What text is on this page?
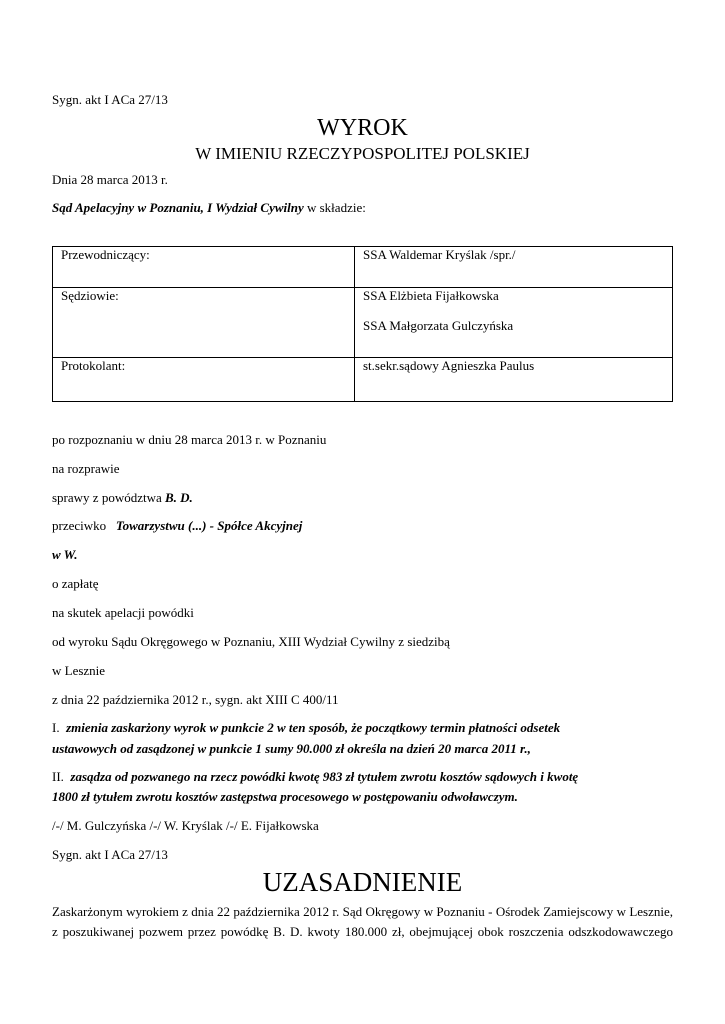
Sygn. akt I ACa 27/13
WYROK
W IMIENIU RZECZYPOSPOLITEJ POLSKIEJ
Dnia 28 marca 2013 r.
Sąd Apelacyjny w Poznaniu, I Wydział Cywilny w składzie:
Przewodniczący:	SSA Waldemar Kryślak /spr./
Sędziowie:	SSA Elżbieta Fijałkowska
SSA Małgorzata Gulczyńska

Protokolant:	st.sekr.sądowy Agnieszka Paulus
po rozpoznaniu w dniu 28 marca 2013 r. w Poznaniu
na rozprawie
sprawy z powództwa B. D.
przeciwko   Towarzystwu (...) - Spółce Akcyjnej
w W.
o zapłatę
na skutek apelacji powódki
od wyroku Sądu Okręgowego w Poznaniu, XIII Wydział Cywilny z siedzibą
w Lesznie
z dnia 22 października 2012 r., sygn. akt XIII C 400/11
I.  zmienia zaskarżony wyrok w punkcie 2 w ten sposób, że początkowy termin płatności odsetek
ustawowych od zasądzonej w punkcie 1 sumy 90.000 zł określa na dzień 20 marca 2011 r.,
II.  zasądza od pozwanego na rzecz powódki kwotę 983 zł tytułem zwrotu kosztów sądowych i kwotę
1800 zł tytułem zwrotu kosztów zastępstwa procesowego w postępowaniu odwoławczym.
/-/ M. Gulczyńska /-/ W. Kryślak /-/ E. Fijałkowska
Sygn. akt I ACa 27/13
UZASADNIENIE
Zaskarżonym wyrokiem z dnia 22 października 2012 r. Sąd Okręgowy w Poznaniu - Ośrodek Zamiejscowy w Lesznie,
z poszukiwanej pozwem przez powódkę B. D. kwoty 180.000 zł, obejmującej obok roszczenia odszkodowawczego
